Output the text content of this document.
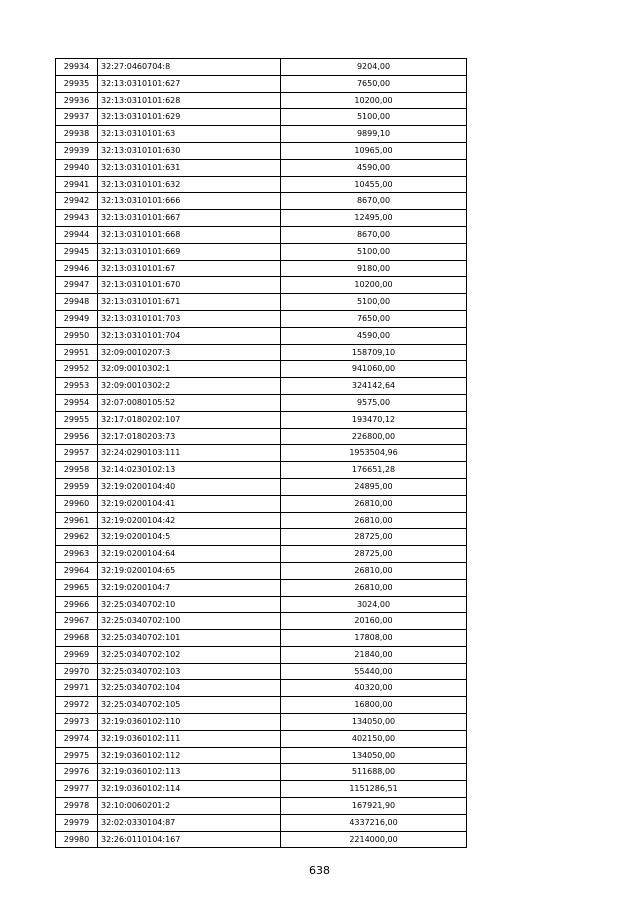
29934	32:27:0460704:8	9204,00
29935	32:13:0310101:627	7650,00
29936	32:13:0310101:628	10200,00
29937	32:13:0310101:629	5100,00
29938	32:13:0310101:63	9899,10
29939	32:13:0310101:630	10965,00
29940	32:13:0310101:631	4590,00
29941	32:13:0310101:632	10455,00
29942	32:13:0310101:666	8670,00
29943	32:13:0310101:667	12495,00
29944	32:13:0310101:668	8670,00
29945	32:13:0310101:669	5100,00
29946	32:13:0310101:67	9180,00
29947	32:13:0310101:670	10200,00
29948	32:13:0310101:671	5100,00
29949	32:13:0310101:703	7650,00
29950	32:13:0310101:704	4590,00
29951	32:09:0010207:3	158709,10
29952	32:09:0010302:1	941060,00
29953	32:09:0010302:2	324142,64
29954	32:07:0080105:52	9575,00
29955	32:17:0180202:107	193470,12
29956	32:17:0180203:73	226800,00
29957	32:24:0290103:111	1953504,96
29958	32:14:0230102:13	176651,28
29959	32:19:0200104:40	24895,00
29960	32:19:0200104:41	26810,00
29961	32:19:0200104:42	26810,00
29962	32:19:0200104:5	28725,00
29963	32:19:0200104:64	28725,00
29964	32:19:0200104:65	26810,00
29965	32:19:0200104:7	26810,00
29966	32:25:0340702:10	3024,00
29967	32:25:0340702:100	20160,00
29968	32:25:0340702:101	17808,00
29969	32:25:0340702:102	21840,00
29970	32:25:0340702:103	55440,00
29971	32:25:0340702:104	40320,00
29972	32:25:0340702:105	16800,00
29973	32:19:0360102:110	134050,00
29974	32:19:0360102:111	402150,00
29975	32:19:0360102:112	134050,00
29976	32:19:0360102:113	511688,00
29977	32:19:0360102:114	1151286,51
29978	32:10:0060201:2	167921,90
29979	32:02:0330104:87	4337216,00
29980	32:26:0110104:167	2214000,00
638
